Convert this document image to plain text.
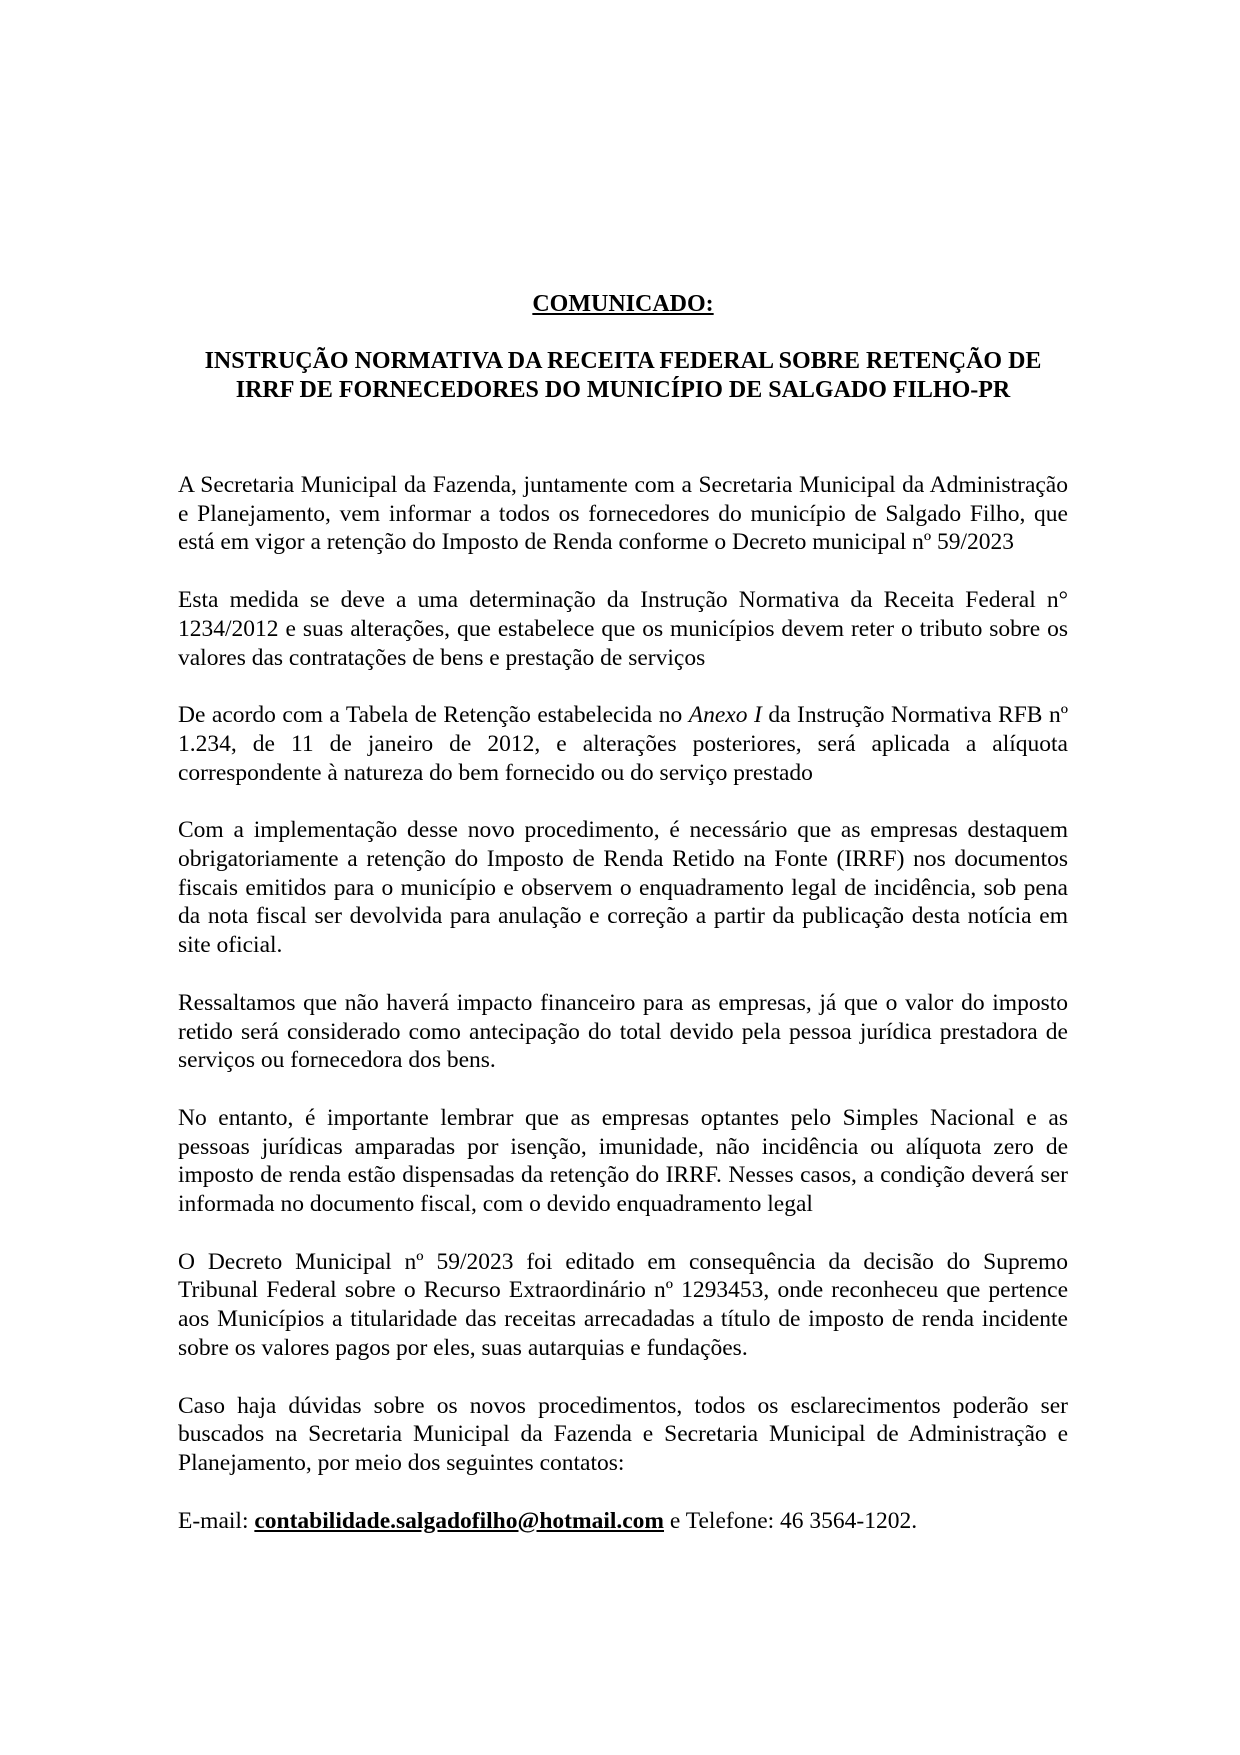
COMUNICADO:

INSTRUÇÃO NORMATIVA DA RECEITA FEDERAL SOBRE RETENÇÃO DE
IRRF DE FORNECEDORES DO MUNICÍPIO DE SALGADO FILHO-PR

A Secretaria Municipal da Fazenda, juntamente com a Secretaria Municipal da Administração e Planejamento, vem informar a todos os fornecedores do município de Salgado Filho, que está em vigor a retenção do Imposto de Renda conforme o Decreto municipal nº 59/2023

Esta medida se deve a uma determinação da Instrução Normativa da Receita Federal n° 1234/2012 e suas alterações, que estabelece que os municípios devem reter o tributo sobre os valores das contratações de bens e prestação de serviços

De acordo com a Tabela de Retenção estabelecida no Anexo I da Instrução Normativa RFB nº 1.234, de 11 de janeiro de 2012, e alterações posteriores, será aplicada a alíquota correspondente à natureza do bem fornecido ou do serviço prestado

Com a implementação desse novo procedimento, é necessário que as empresas destaquem obrigatoriamente a retenção do Imposto de Renda Retido na Fonte (IRRF) nos documentos fiscais emitidos para o município e observem o enquadramento legal de incidência, sob pena da nota fiscal ser devolvida para anulação e correção a partir da publicação desta notícia em site oficial.

Ressaltamos que não haverá impacto financeiro para as empresas, já que o valor do imposto retido será considerado como antecipação do total devido pela pessoa jurídica prestadora de serviços ou fornecedora dos bens.

No entanto, é importante lembrar que as empresas optantes pelo Simples Nacional e as pessoas jurídicas amparadas por isenção, imunidade, não incidência ou alíquota zero de imposto de renda estão dispensadas da retenção do IRRF. Nesses casos, a condição deverá ser informada no documento fiscal, com o devido enquadramento legal

O Decreto Municipal nº 59/2023 foi editado em consequência da decisão do Supremo Tribunal Federal sobre o Recurso Extraordinário nº 1293453, onde reconheceu que pertence aos Municípios a titularidade das receitas arrecadadas a título de imposto de renda incidente sobre os valores pagos por eles, suas autarquias e fundações.

Caso haja dúvidas sobre os novos procedimentos, todos os esclarecimentos poderão ser buscados na Secretaria Municipal da Fazenda e Secretaria Municipal de Administração e Planejamento, por meio dos seguintes contatos:

E-mail: contabilidade.salgadofilho@hotmail.com e Telefone: 46 3564-1202.
